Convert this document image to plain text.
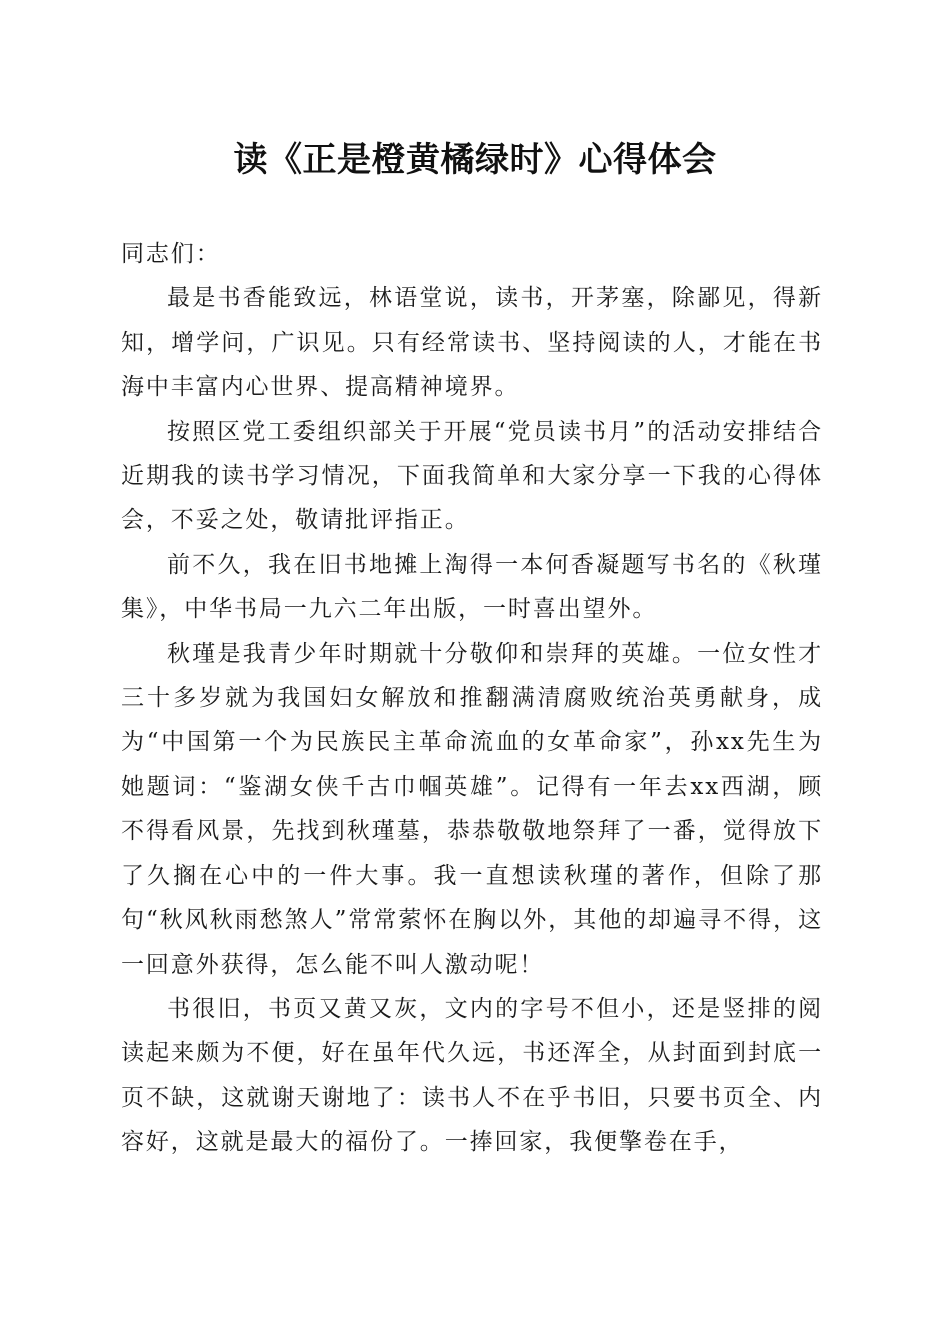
读《正是橙黄橘绿时》心得体会

同志们：

最是书香能致远，林语堂说，读书，开茅塞，除鄙见，得新知，增学问，广识见。只有经常读书、坚持阅读的人，才能在书海中丰富内心世界、提高精神境界。

按照区党工委组织部关于开展“党员读书月”的活动安排结合近期我的读书学习情况，下面我简单和大家分享一下我的心得体会，不妥之处，敬请批评指正。

前不久，我在旧书地摊上淘得一本何香凝题写书名的《秋瑾集》，中华书局一九六二年出版，一时喜出望外。

秋瑾是我青少年时期就十分敬仰和崇拜的英雄。一位女性才三十多岁就为我国妇女解放和推翻满清腐败统治英勇献身，成为“中国第一个为民族民主革命流血的女革命家”，孙xx先生为她题词：“鉴湖女侠千古巾帼英雄”。记得有一年去xx西湖，顾不得看风景，先找到秋瑾墓，恭恭敬敬地祭拜了一番，觉得放下了久搁在心中的一件大事。我一直想读秋瑾的著作，但除了那句“秋风秋雨愁煞人”常常萦怀在胸以外，其他的却遍寻不得，这一回意外获得，怎么能不叫人激动呢！

书很旧，书页又黄又灰，文内的字号不但小，还是竖排的阅读起来颇为不便，好在虽年代久远，书还浑全，从封面到封底一页不缺，这就谢天谢地了：读书人不在乎书旧，只要书页全、内容好，这就是最大的福份了。一捧回家，我便擎卷在手，
